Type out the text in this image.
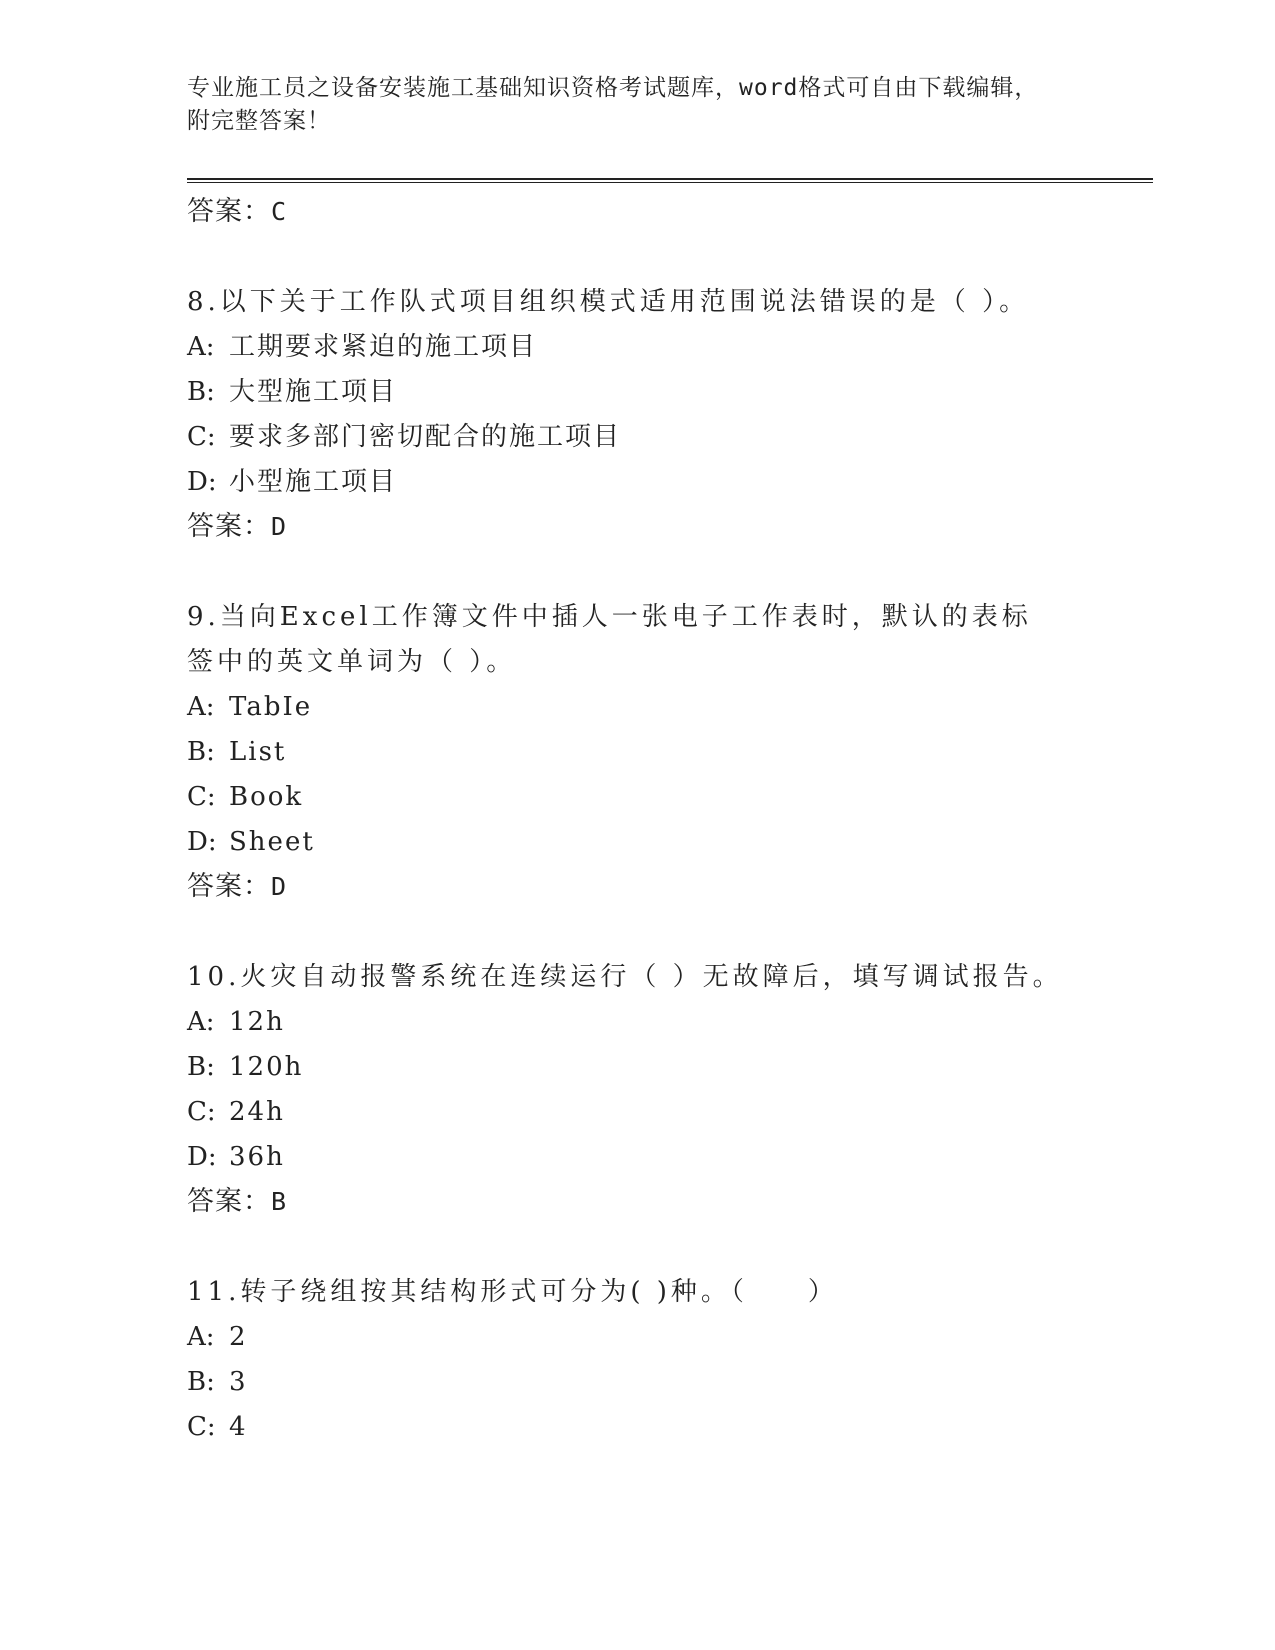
专业施工员之设备安装施工基础知识资格考试题库，word格式可自由下载编辑，
附完整答案！
答案：C
8.以下关于工作队式项目组织模式适用范围说法错误的是（ ）。
A: 工期要求紧迫的施工项目
B: 大型施工项目
C: 要求多部门密切配合的施工项目
D: 小型施工项目
答案：D
9.当向Excel工作簿文件中插人一张电子工作表时，默认的表标签中的英文单词为（ ）。
A: TabIe
B: List
C: Book
D: Sheet
答案：D
10.火灾自动报警系统在连续运行（ ）无故障后，填写调试报告。
A: 12h
B: 120h
C: 24h
D: 36h
答案：B
11.转子绕组按其结构形式可分为( )种。（　　）
A: 2
B: 3
C: 4
